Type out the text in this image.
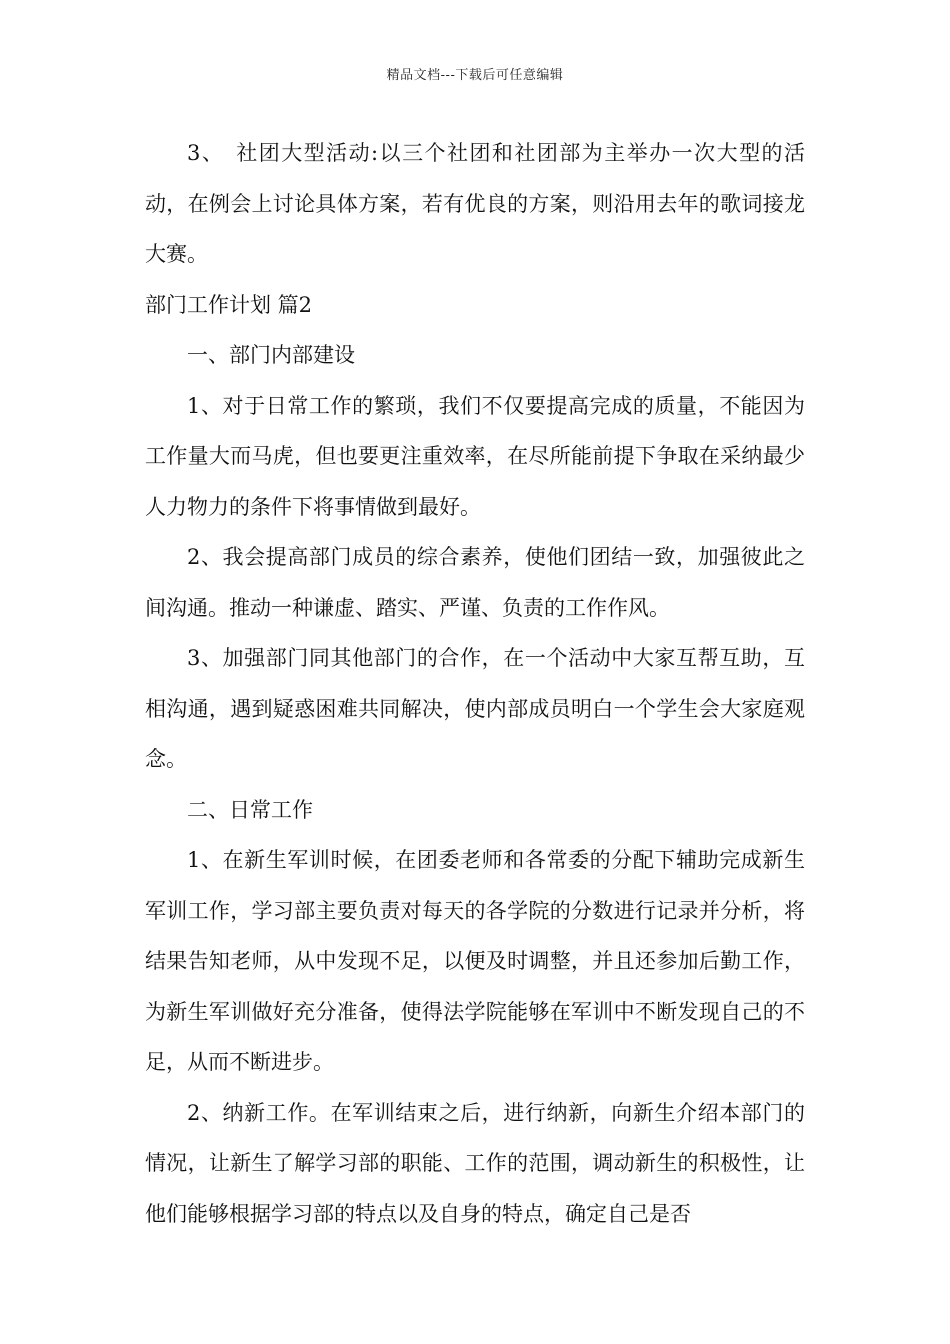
精品文档---下载后可任意编辑

3、　社团大型活动:以三个社团和社团部为主举办一次大型的活动，在例会上讨论具体方案，若有优良的方案，则沿用去年的歌词接龙大赛。

部门工作计划 篇2

一、部门内部建设

1、对于日常工作的繁琐，我们不仅要提高完成的质量，不能因为工作量大而马虎，但也要更注重效率，在尽所能前提下争取在采纳最少人力物力的条件下将事情做到最好。

2、我会提高部门成员的综合素养，使他们团结一致，加强彼此之间沟通。推动一种谦虚、踏实、严谨、负责的工作作风。

3、加强部门同其他部门的合作，在一个活动中大家互帮互助，互相沟通，遇到疑惑困难共同解决，使内部成员明白一个学生会大家庭观念。

二、日常工作

1、在新生军训时候，在团委老师和各常委的分配下辅助完成新生军训工作，学习部主要负责对每天的各学院的分数进行记录并分析，将结果告知老师，从中发现不足，以便及时调整，并且还参加后勤工作，为新生军训做好充分准备，使得法学院能够在军训中不断发现自己的不足，从而不断进步。

2、纳新工作。在军训结束之后，进行纳新，向新生介绍本部门的情况，让新生了解学习部的职能、工作的范围，调动新生的积极性，让他们能够根据学习部的特点以及自身的特点，确定自己是否
